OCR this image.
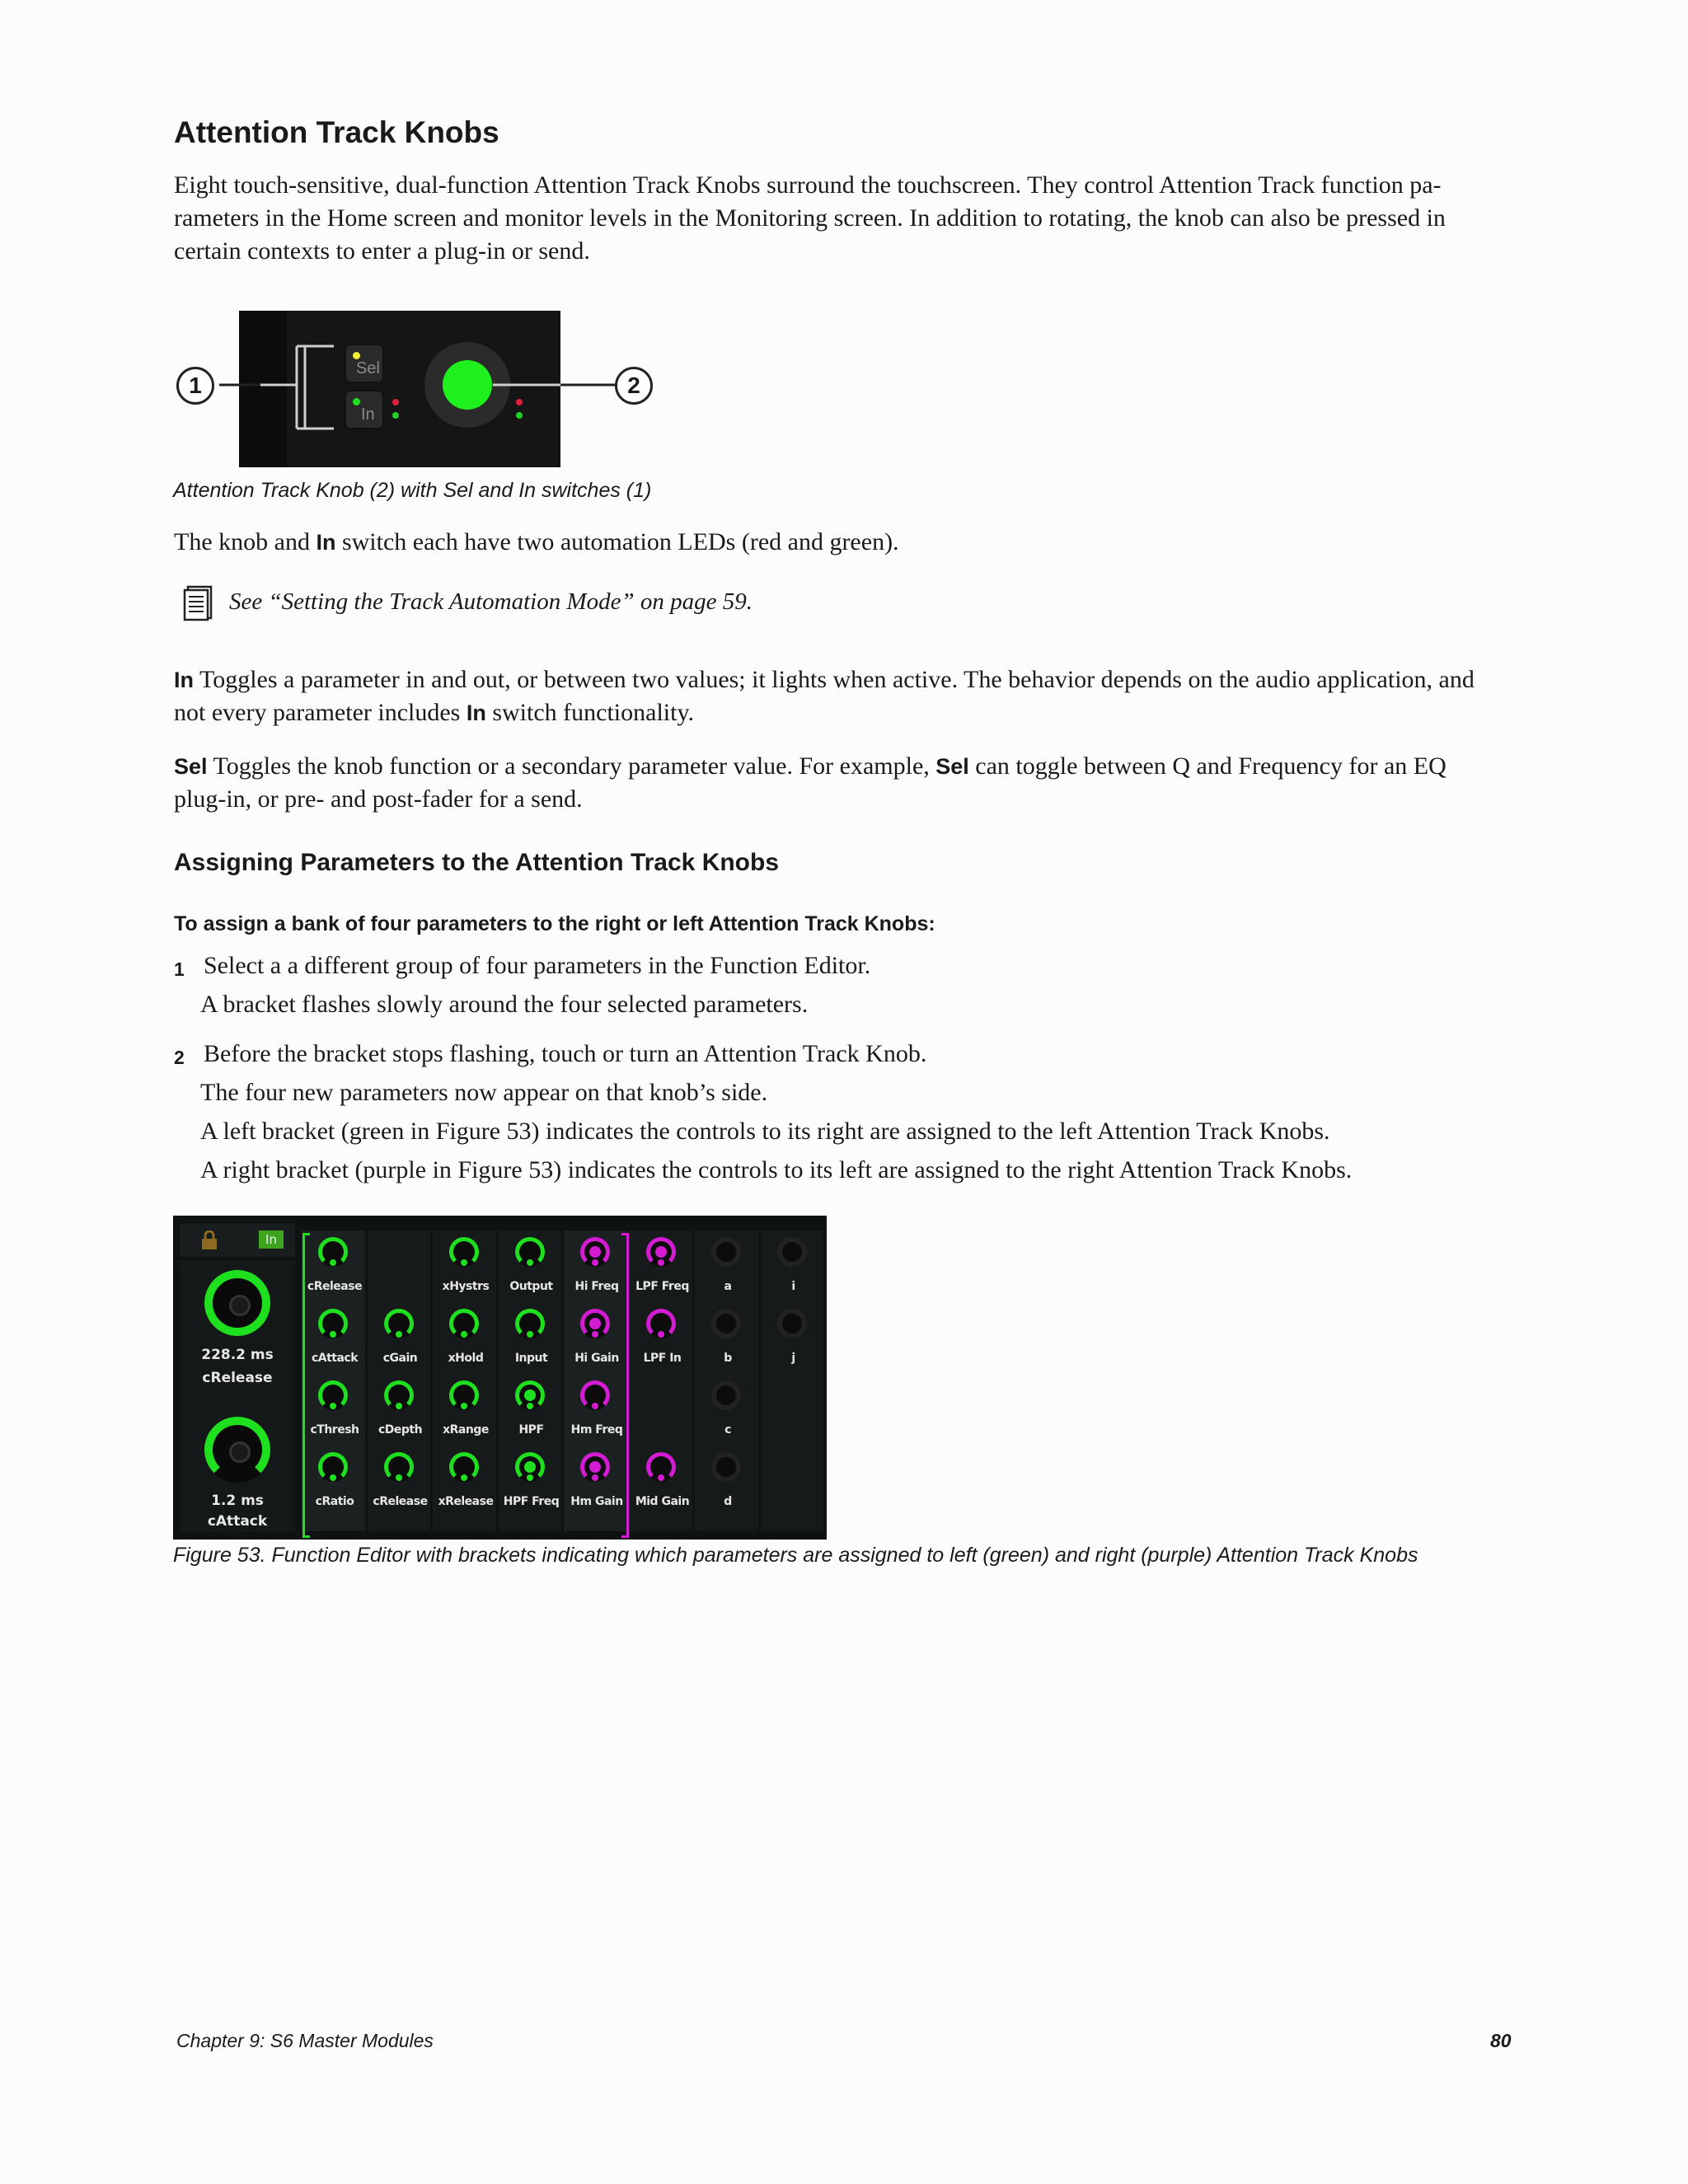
Attention Track Knobs
Eight touch-sensitive, dual-function Attention Track Knobs surround the touchscreen. They control Attention Track function pa-
rameters in the Home screen and monitor levels in the Monitoring screen. In addition to rotating, the knob can also be pressed in
certain contexts to enter a plug-in or send.
Sel
In
1	2
Attention Track Knob (2) with Sel and In switches (1)
The knob and In switch each have two automation LEDs (red and green).
See “Setting the Track Automation Mode” on page 59.
In Toggles a parameter in and out, or between two values; it lights when active. The behavior depends on the audio application, and
not every parameter includes In switch functionality.
Sel Toggles the knob function or a secondary parameter value. For example, Sel can toggle between Q and Frequency for an EQ
plug-in, or pre- and post-fader for a send.
Assigning Parameters to the Attention Track Knobs
To assign a bank of four parameters to the right or left Attention Track Knobs:
1 Select a a different group of four parameters in the Function Editor.
A bracket flashes slowly around the four selected parameters.
2 Before the bracket stops flashing, touch or turn an Attention Track Knob.
The four new parameters now appear on that knob’s side.
A left bracket (green in Figure 53) indicates the controls to its right are assigned to the left Attention Track Knobs.
A right bracket (purple in Figure 53) indicates the controls to its left are assigned to the right Attention Track Knobs.
In
228.2 ms
cRelease
1.2 ms
cAttack
cRelease
cAttack
cThresh
cRatio
cGain
cDepth
cRelease
xHystrs
xHold
xRange
xRelease
Output
Input
HPF
HPF Freq
Hi Freq
Hi Gain
Hm Freq
Hm Gain
LPF Freq
LPF In
Mid Gain
a
b
c
d
i
j
Figure 53. Function Editor with brackets indicating which parameters are assigned to left (green) and right (purple) Attention Track Knobs
Chapter 9: S6 Master Modules	80
